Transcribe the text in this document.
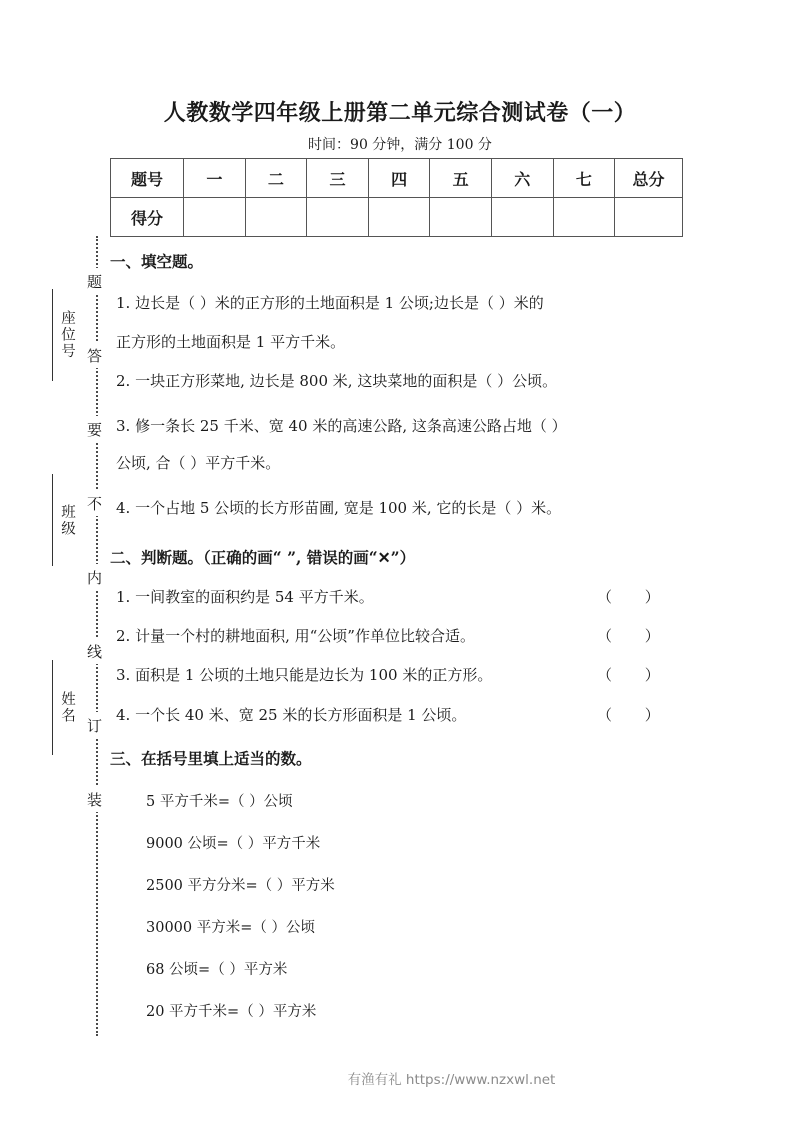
座位号
班级
姓名
题
答
要
不
内
线
订
装
人教数学四年级上册第二单元综合测试卷（一）
时间：90 分钟，满分 100 分
题号	一	二	三	四	五	六	七	总分
得分								
一、填空题。
1. 边长是（ ）米的正方形的土地面积是 1 公顷;边长是（ ）米的
正方形的土地面积是 1 平方千米。
2. 一块正方形菜地, 边长是 800 米, 这块菜地的面积是（ ）公顷。
3. 修一条长 25 千米、宽 40 米的高速公路, 这条高速公路占地（ ）
公顷, 合（ ）平方千米。
4. 一个占地 5 公顷的长方形苗圃, 宽是 100 米, 它的长是（ ）米。
二、判断题。（正确的画“ ”, 错误的画“✕”）
1. 一间教室的面积约是 54 平方千米。	（ ）
2. 计量一个村的耕地面积, 用“公顷”作单位比较合适。	（ ）
3. 面积是 1 公顷的土地只能是边长为 100 米的正方形。	（ ）
4. 一个长 40 米、宽 25 米的长方形面积是 1 公顷。	（ ）
三、在括号里填上适当的数。
5 平方千米=（ ）公顷
9000 公顷=（ ）平方千米
2500 平方分米=（ ）平方米
30000 平方米=（ ）公顷
68 公顷=（ ）平方米
20 平方千米=（ ）平方米
有渔有礼 https://www.nzxwl.net
